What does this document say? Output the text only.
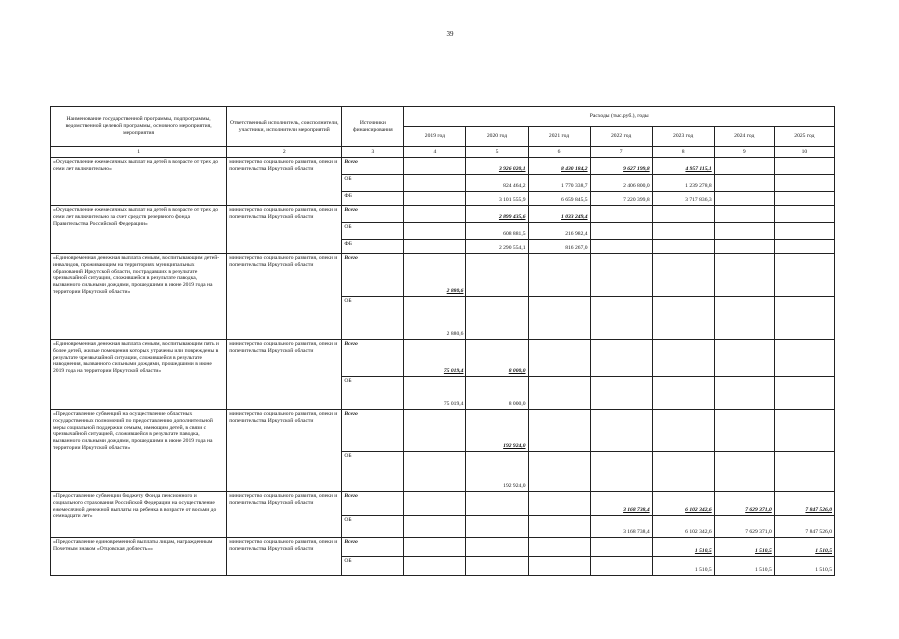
39
Наименование государственной программы, подпрограммы, ведомственной целевой программы, основного мероприятия, мероприятия	Ответственный исполнитель, соисполнители, участники, исполнители мероприятий	Источники финансирования	Расходы (тыс.руб.), годы						
			2019 год	2020 год	2021 год	2022 год	2023 год	2024 год	2025 год
1	2	3	4	5	6	7	8	9	10
«Осуществление ежемесячных выплат на детей в возрасте от трех до семи лет включительно»	министерство социального развития, опеки и попечительства Иркутской области	Всего		3 926 020,1	8 430 184,2	9 627 199,8	4 957 115,1		
		ОБ		824 464,2	1 770 338,7	2 406 800,0	1 239 278,8		
		ФБ		3 101 555,9	6 659 845,5	7 220 399,8	3 717 836,3		
«Осуществление ежемесячных выплат на детей в возрасте от трех до семи лет включительно за счет средств резервного фонда Правительства Российской Федерации»	министерство социального развития, опеки и попечительства Иркутской области	Всего		2 899 435,6	1 033 249,4				
		ОБ		608 881,5	216 982,4				
		ФБ		2 290 554,1	816 267,0				
«Единовременная денежная выплата семьям, воспитывающим детей-инвалидов, проживающим на территориях муниципальных образований Иркутской области, пострадавших в результате чрезвычайной ситуации, сложившейся в результате паводка, вызванного сильными дождями, прошедшими в июне 2019 года на территории Иркутской области»	министерство социального развития, опеки и попечительства Иркутской области	Всего	2 880,6						
		ОБ	2 880,6						
«Единовременная денежная выплата семьям, воспитывающим пять и более детей, жилые помещения которых утрачены или повреждены в результате чрезвычайной ситуации, сложившейся в результате наводнения, вызванного сильными дождями, прошедшими в июне 2019 года на территории Иркутской области»	министерство социального развития, опеки и попечительства Иркутской области	Всего	75 019,4	8 000,0					
		ОБ	75 019,4	8 000,0					
«Предоставление субвенций на осуществление областных государственных полномочий по предоставлению дополнительной меры социальной поддержки семьям, имеющим детей, в связи с чрезвычайной ситуацией, сложившейся в результате паводка, вызванного сильными дождями, прошедшими в июне 2019 года на территории Иркутской области»	министерство социального развития, опеки и попечительства Иркутской области	Всего		192 924,0					
		ОБ		192 924,0					
«Предоставление субвенции бюджету Фонда пенсионного и социального страхования Российской Федерации на осуществление ежемесячной денежной выплаты на ребенка в возрасте от восьми до семнадцати лет»	министерство социального развития, опеки и попечительства Иркутской области	Всего				3 168 738,4	6 102 342,6	7 629 371,0	7 847 526,0
		ОБ				3 168 738,4	6 102 342,6	7 629 371,0	7 847 526,0
«Предоставление единовременной выплаты лицам, награжденным Почетным знаком «Отцовская доблесть»»	министерство социального развития, опеки и попечительства Иркутской области	Всего					1 510,5	1 510,5	1 510,5
		ОБ					1 510,5	1 510,5	1 510,5
